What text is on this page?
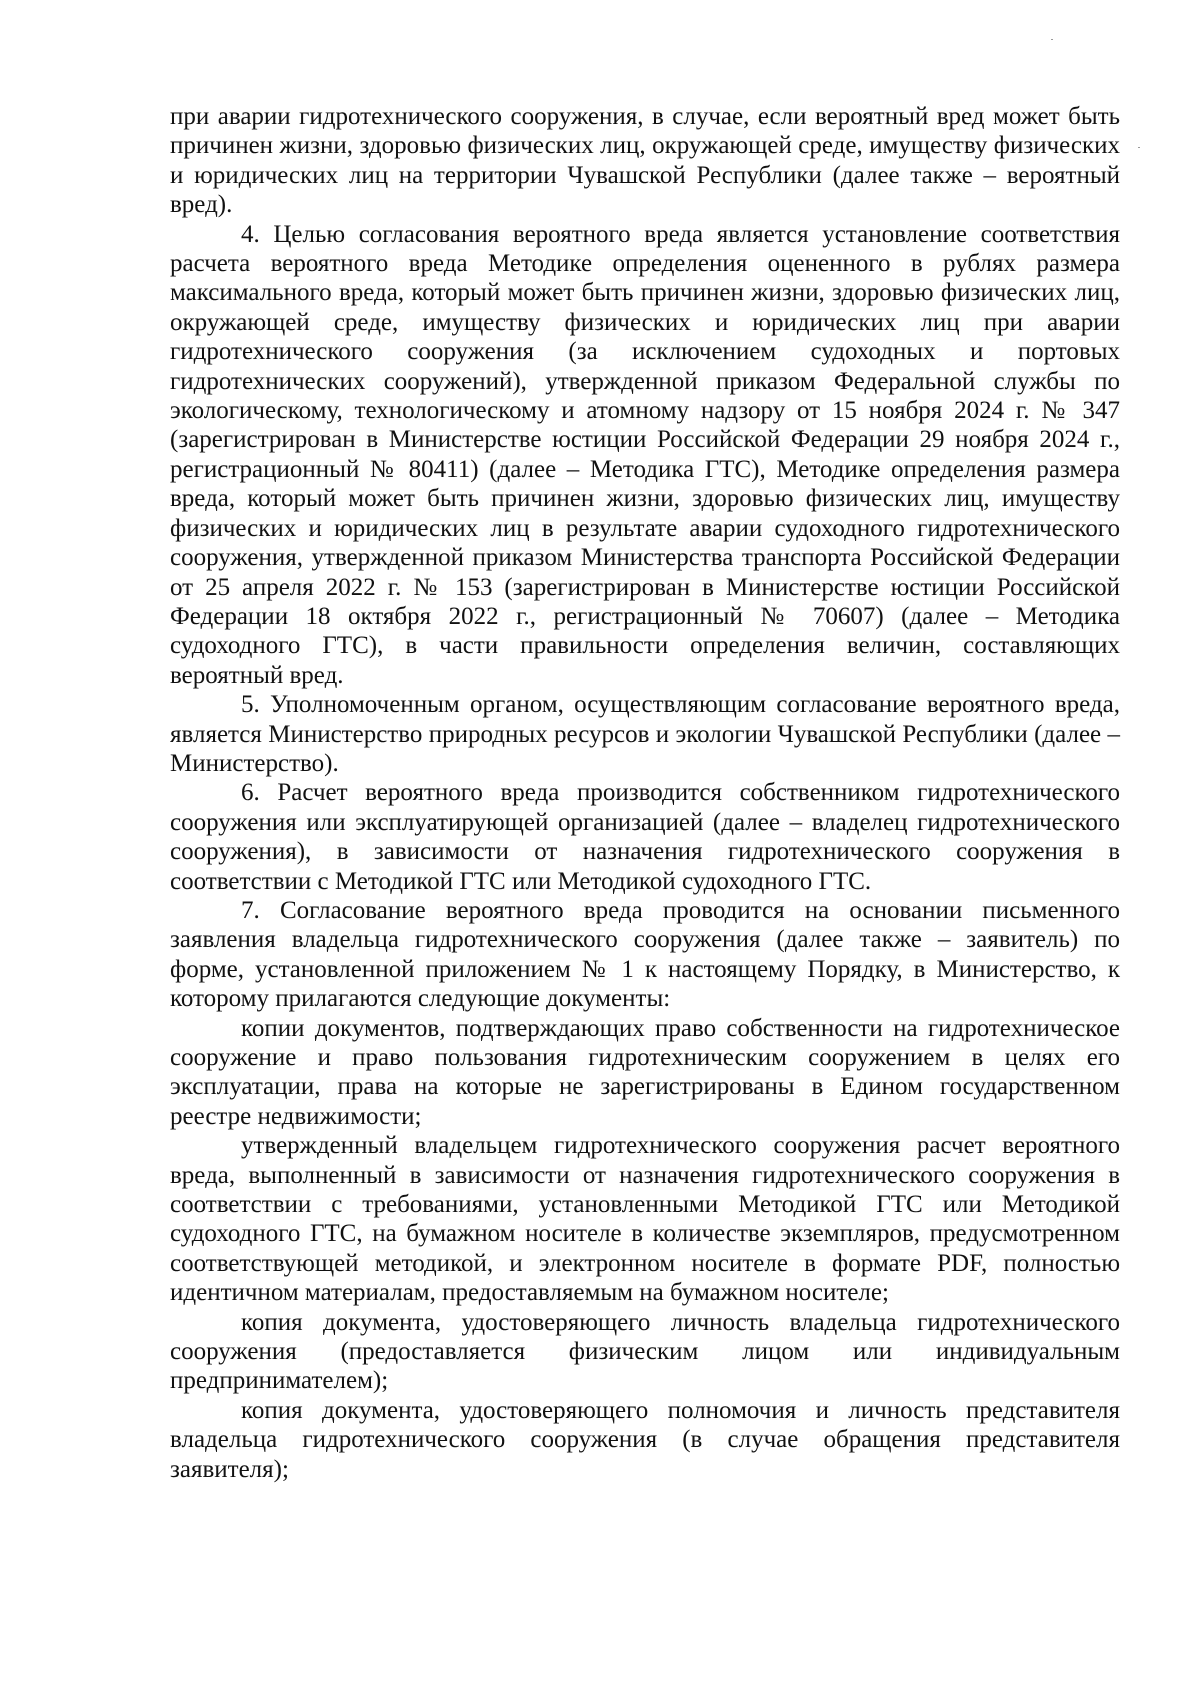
при аварии гидротехнического сооружения, в случае, если вероятный вред может быть причинен жизни, здоровью физических лиц, окружающей среде, имуществу физических и юридических лиц на территории Чувашской Республики (далее также – вероятный вред).

4. Целью согласования вероятного вреда является установление соответствия расчета вероятного вреда Методике определения оцененного в рублях размера максимального вреда, который может быть причинен жизни, здоровью физических лиц, окружающей среде, имуществу физических и юридических лиц при аварии гидротехнического сооружения (за исключением судоходных и портовых гидротехнических сооружений), утвержденной приказом Федеральной службы по экологическому, технологическому и атомному надзору от 15 ноября 2024 г. № 347 (зарегистрирован в Министерстве юстиции Российской Федерации 29 ноября 2024 г., регистрационный № 80411) (далее – Методика ГТС), Методике определения размера вреда, который может быть причинен жизни, здоровью физических лиц, имуществу физических и юридических лиц в результате аварии судоходного гидротехнического сооружения, утвержденной приказом Министерства транспорта Российской Федерации от 25 апреля 2022 г. № 153 (зарегистрирован в Министерстве юстиции Российской Федерации 18 октября 2022 г., регистрационный № 70607) (далее – Методика судоходного ГТС), в части правильности определения величин, составляющих вероятный вред.

5. Уполномоченным органом, осуществляющим согласование вероятного вреда, является Министерство природных ресурсов и экологии Чувашской Республики (далее – Министерство).

6. Расчет вероятного вреда производится собственником гидротехнического сооружения или эксплуатирующей организацией (далее – владелец гидротехнического сооружения), в зависимости от назначения гидротехнического сооружения в соответствии с Методикой ГТС или Методикой судоходного ГТС.

7. Согласование вероятного вреда проводится на основании письменного заявления владельца гидротехнического сооружения (далее также – заявитель) по форме, установленной приложением № 1 к настоящему Порядку, в Министерство, к которому прилагаются следующие документы:

копии документов, подтверждающих право собственности на гидротехническое сооружение и право пользования гидротехническим сооружением в целях его эксплуатации, права на которые не зарегистрированы в Едином государственном реестре недвижимости;

утвержденный владельцем гидротехнического сооружения расчет вероятного вреда, выполненный в зависимости от назначения гидротехнического сооружения в соответствии с требованиями, установленными Методикой ГТС или Методикой судоходного ГТС, на бумажном носителе в количестве экземпляров, предусмотренном соответствующей методикой, и электронном носителе в формате PDF, полностью идентичном материалам, предоставляемым на бумажном носителе;

копия документа, удостоверяющего личность владельца гидротехнического сооружения (предоставляется физическим лицом или индивидуальным предпринимателем);

копия документа, удостоверяющего полномочия и личность представителя владельца гидротехнического сооружения (в случае обращения представителя заявителя);
